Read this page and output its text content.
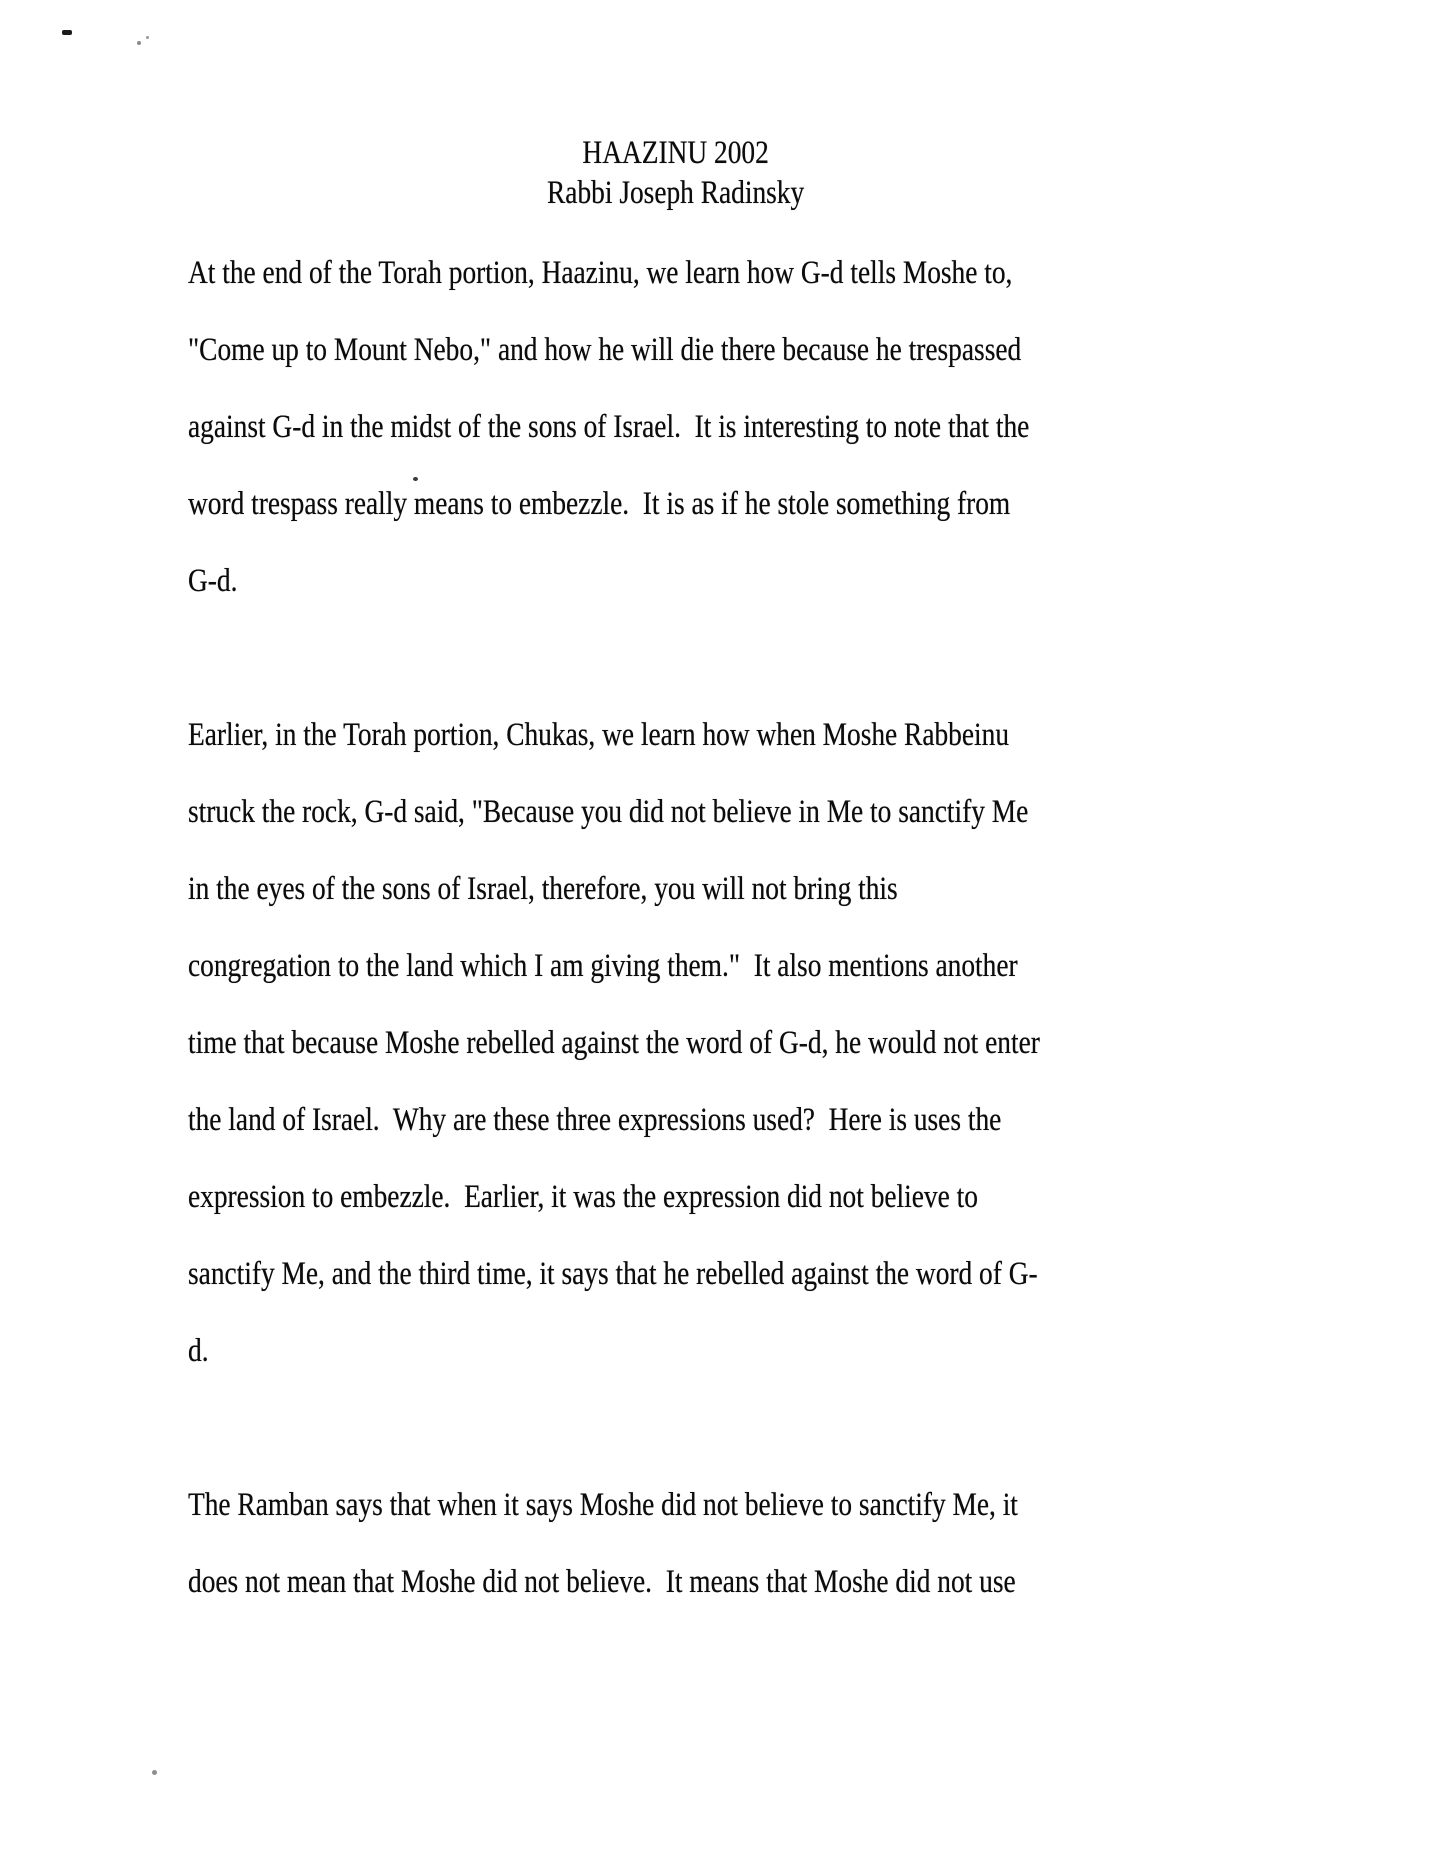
HAAZINU 2002
Rabbi Joseph Radinsky
At the end of the Torah portion, Haazinu, we learn how G-d tells Moshe to,
"Come up to Mount Nebo," and how he will die there because he trespassed
against G-d in the midst of the sons of Israel.  It is interesting to note that the
word trespass really means to embezzle.  It is as if he stole something from
G-d.
Earlier, in the Torah portion, Chukas, we learn how when Moshe Rabbeinu
struck the rock, G-d said, "Because you did not believe in Me to sanctify Me
in the eyes of the sons of Israel, therefore, you will not bring this
congregation to the land which I am giving them."  It also mentions another
time that because Moshe rebelled against the word of G-d, he would not enter
the land of Israel.  Why are these three expressions used?  Here is uses the
expression to embezzle.  Earlier, it was the expression did not believe to
sanctify Me, and the third time, it says that he rebelled against the word of G-
d.
The Ramban says that when it says Moshe did not believe to sanctify Me, it
does not mean that Moshe did not believe.  It means that Moshe did not use
